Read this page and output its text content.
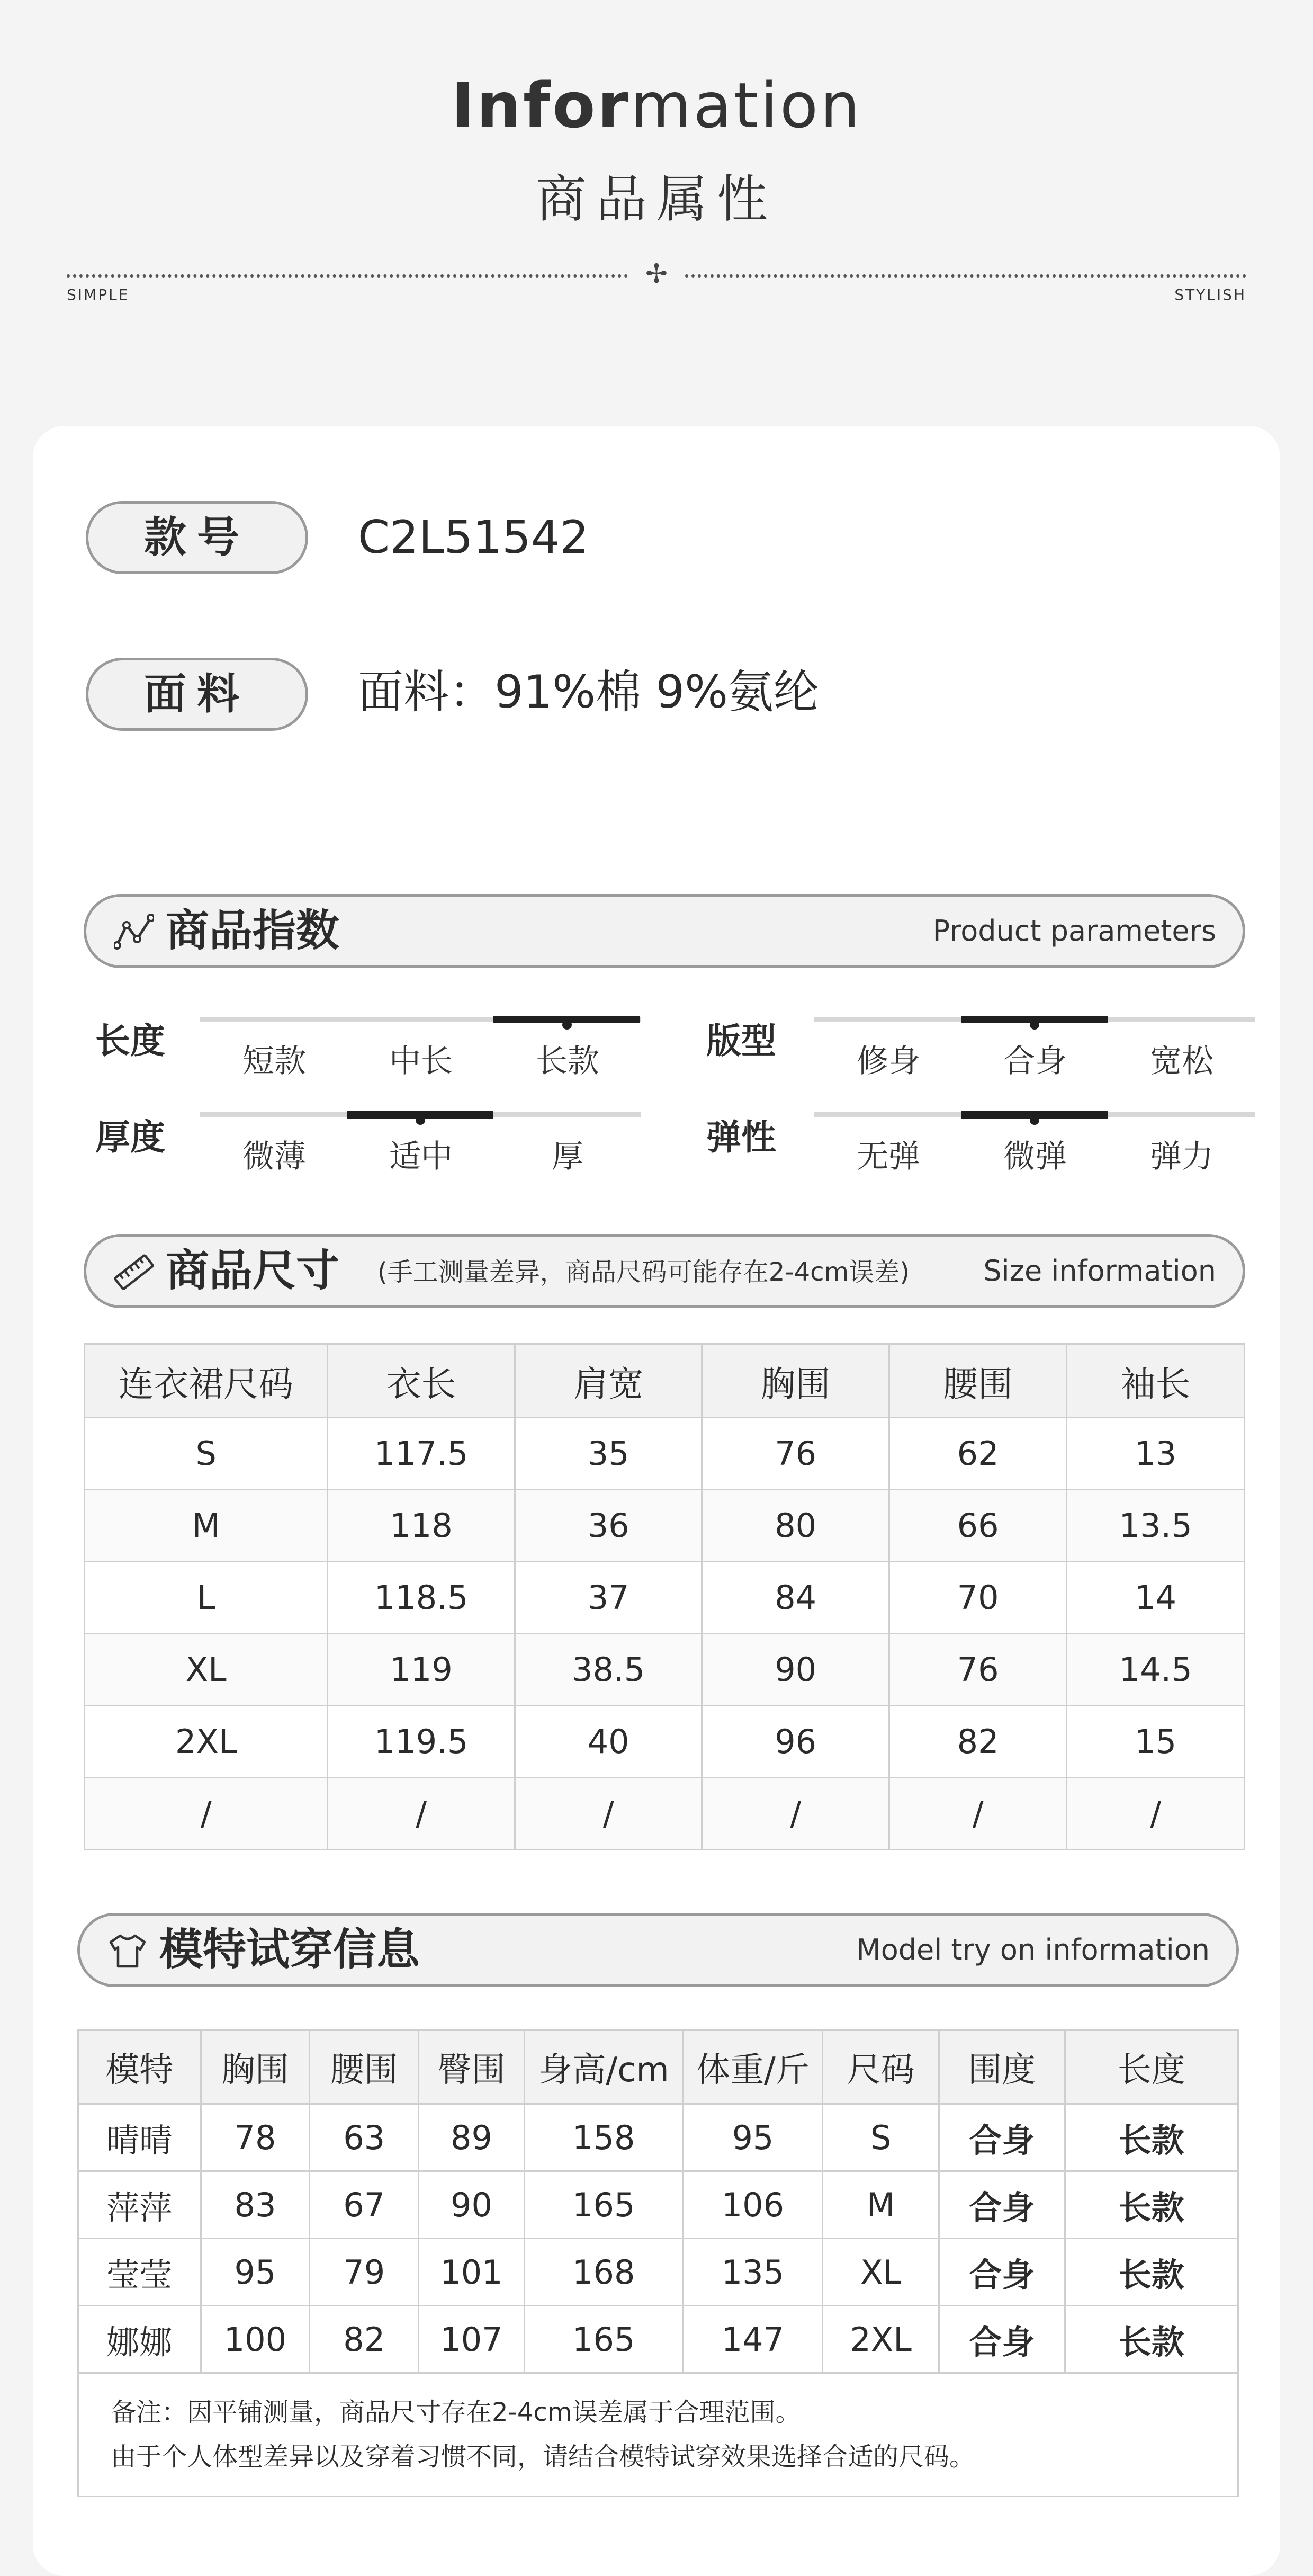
Information
商品属性
✢
SIMPLE	STYLISH
款号	C2L51542
面料	面料：91%棉 9%氨纶
商品指数	Product parameters
长度	短款	中长	长款	版型	修身	合身	宽松
厚度	微薄	适中	厚	弹性	无弹	微弹	弹力
商品尺寸 (手工测量差异，商品尺码可能存在2-4cm误差)	Size information
连衣裙尺码	衣长	肩宽	胸围	腰围	袖长
S	117.5	35	76	62	13
M	118	36	80	66	13.5
L	118.5	37	84	70	14
XL	119	38.5	90	76	14.5
2XL	119.5	40	96	82	15
/	/	/	/	/	/
模特试穿信息	Model try on information
模特	胸围	腰围	臀围	身高/cm	体重/斤	尺码	围度	长度
晴晴	78	63	89	158	95	S	合身	长款
萍萍	83	67	90	165	106	M	合身	长款
莹莹	95	79	101	168	135	XL	合身	长款
娜娜	100	82	107	165	147	2XL	合身	长款

备注：因平铺测量，商品尺寸存在2-4cm误差属于合理范围。
由于个人体型差异以及穿着习惯不同，请结合模特试穿效果选择合适的尺码。								
